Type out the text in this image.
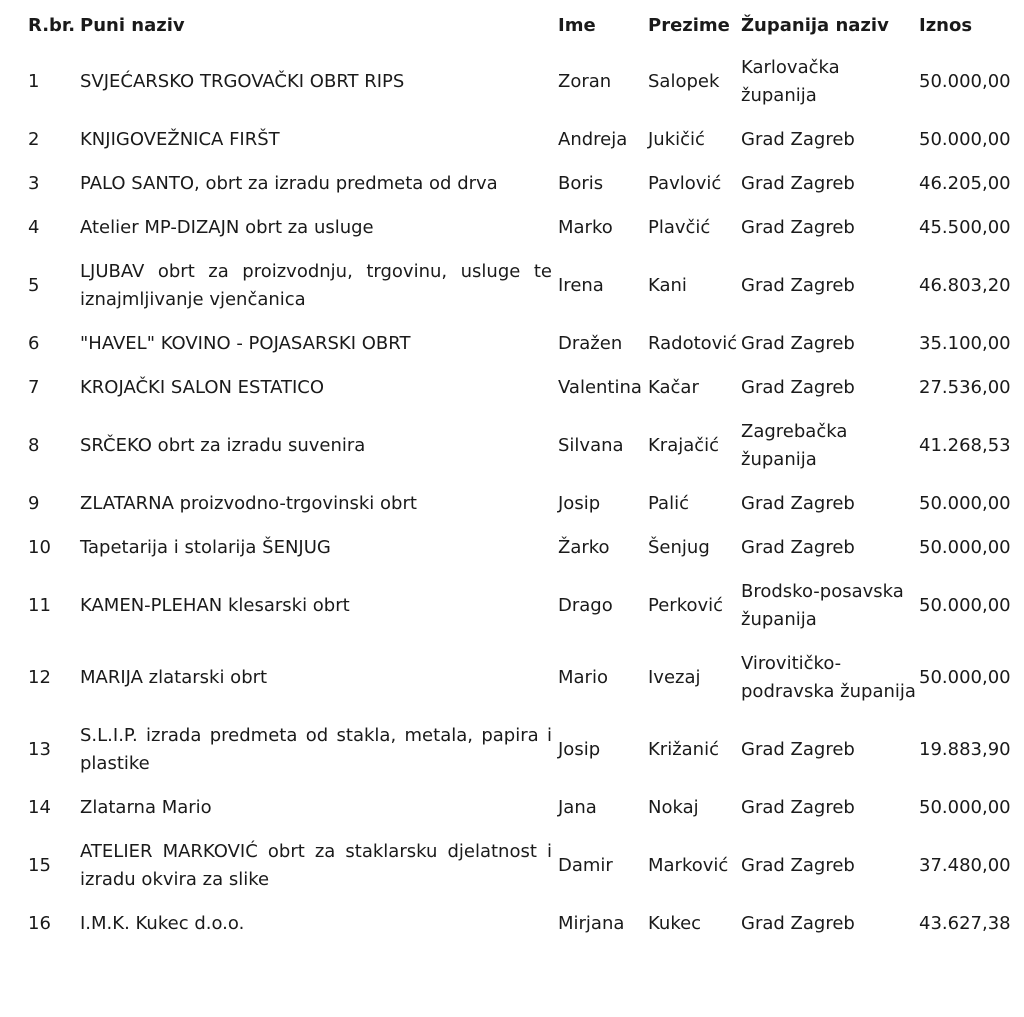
R.br.	Puni naziv	Ime	Prezime	Županija naziv	Iznos
1	SVJEĆARSKO TRGOVAČKI OBRT RIPS	Zoran	Salopek	Karlovačka županija	50.000,00
2	KNJIGOVEŽNICA FIRŠT	Andreja	Jukičić	Grad Zagreb	50.000,00
3	PALO SANTO, obrt za izradu predmeta od drva	Boris	Pavlović	Grad Zagreb	46.205,00
4	Atelier MP-DIZAJN obrt za usluge	Marko	Plavčić	Grad Zagreb	45.500,00
5	LJUBAV obrt za proizvodnju, trgovinu, usluge te iznajmljivanje vjenčanica	Irena	Kani	Grad Zagreb	46.803,20
6	"HAVEL" KOVINO - POJASARSKI OBRT	Dražen	Radotović	Grad Zagreb	35.100,00
7	KROJAČKI SALON ESTATICO	Valentina	Kačar	Grad Zagreb	27.536,00
8	SRČEKO obrt za izradu suvenira	Silvana	Krajačić	Zagrebačka županija	41.268,53
9	ZLATARNA proizvodno-trgovinski obrt	Josip	Palić	Grad Zagreb	50.000,00
10	Tapetarija i stolarija ŠENJUG	Žarko	Šenjug	Grad Zagreb	50.000,00
11	KAMEN-PLEHAN klesarski obrt	Drago	Perković	Brodsko-posavska županija	50.000,00
12	MARIJA zlatarski obrt	Mario	Ivezaj	Virovitičko-podravska županija	50.000,00
13	S.L.I.P. izrada predmeta od stakla, metala, papira i plastike	Josip	Križanić	Grad Zagreb	19.883,90
14	Zlatarna Mario	Jana	Nokaj	Grad Zagreb	50.000,00
15	ATELIER MARKOVIĆ obrt za staklarsku djelatnost i izradu okvira za slike	Damir	Marković	Grad Zagreb	37.480,00
16	I.M.K. Kukec d.o.o.	Mirjana	Kukec	Grad Zagreb	43.627,38
